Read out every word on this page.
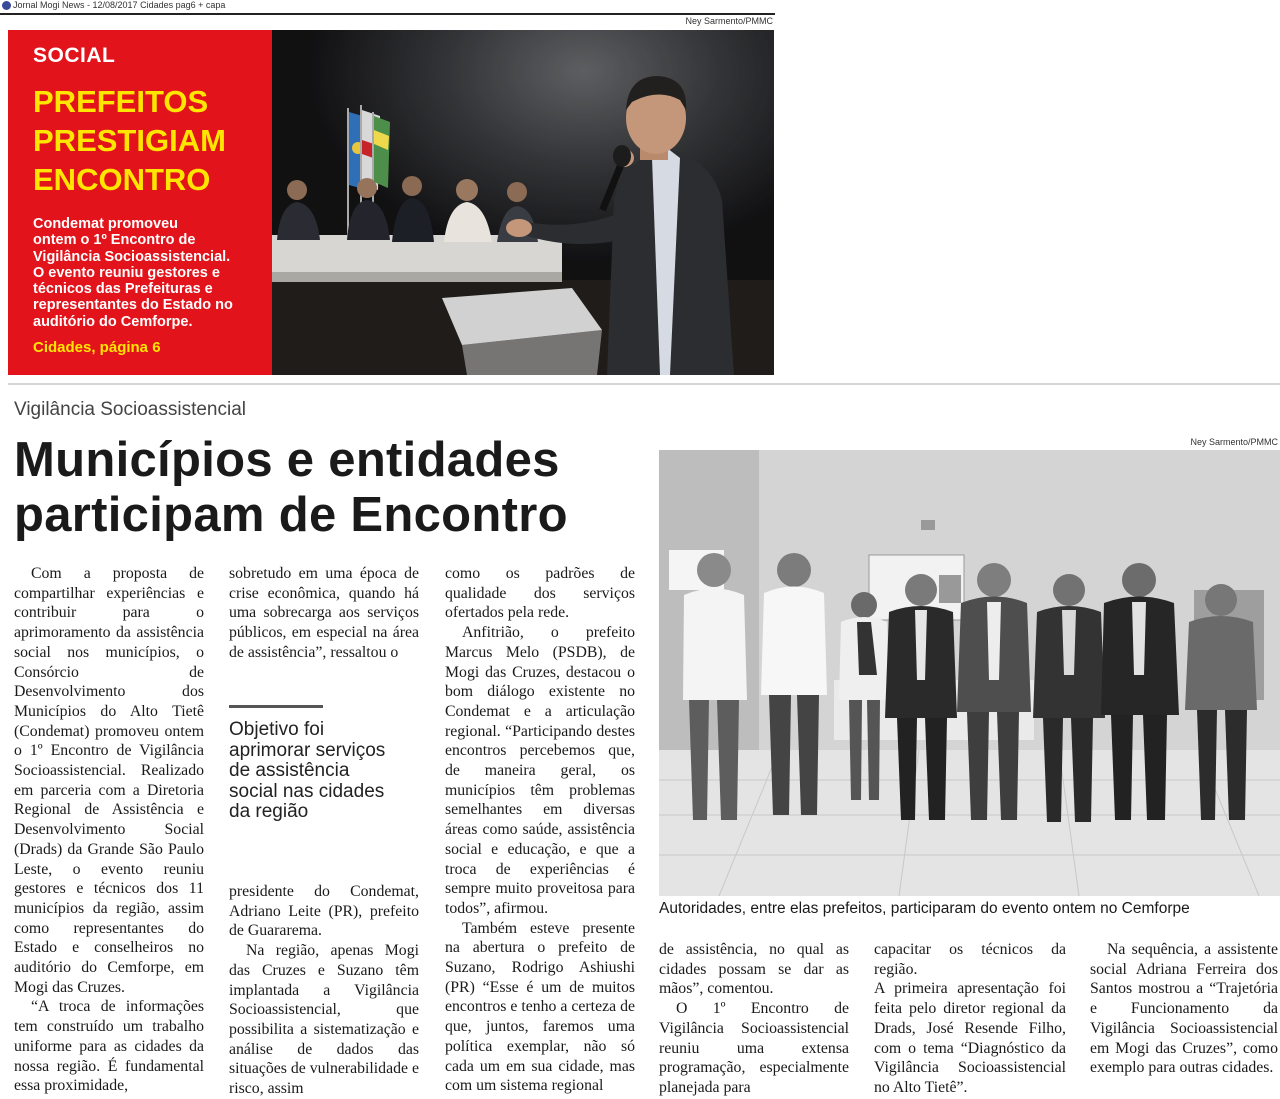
Jornal Mogi News - 12/08/2017 Cidades pag6 + capa
Ney Sarmento/PMMC
SOCIAL
PREFEITOS
PRESTIGIAM
ENCONTRO
Condemat promoveu
ontem o 1º Encontro de
Vigilância Socioassistencial.
O evento reuniu gestores e
técnicos das Prefeituras e
representantes do Estado no
auditório do Cemforpe.
Cidades, página 6
Vigilância Socioassistencial
Municípios e entidades
participam de Encontro
Ney Sarmento/PMMC
Autoridades, entre elas prefeitos, participaram do evento ontem no Cemforpe

Com a proposta de compartilhar experiências e contribuir para o aprimoramento da assistência social nos municípios, o Consórcio de Desenvolvimento dos Municípios do Alto Tietê (Condemat) promoveu ontem o 1º Encontro de Vigilância Socioassistencial. Realizado em parceria com a Diretoria Regional de Assistência e Desenvolvimento Social (Drads) da Grande São Paulo Leste, o evento reuniu gestores e técnicos dos 11 municípios da região, assim como representantes do Estado e conselheiros no auditório do Cemforpe, em Mogi das Cruzes.

“A troca de informações tem construído um trabalho uniforme para as cidades da nossa região. É fundamental essa proximidade,

sobretudo em uma época de crise econômica, quando há uma sobrecarga aos serviços públicos, em especial na área de assistência”, ressaltou o

Objetivo foi
aprimorar serviços
de assistência
social nas cidades
da região

presidente do Condemat, Adriano Leite (PR), prefeito de Guararema.

Na região, apenas Mogi das Cruzes e Suzano têm implantada a Vigilância Socioassistencial, que possibilita a sistematização e análise de dados das situações de vulnerabilidade e risco, assim

como os padrões de qualidade dos serviços ofertados pela rede.

Anfitrião, o prefeito Marcus Melo (PSDB), de Mogi das Cruzes, destacou o bom diálogo existente no Condemat e a articulação regional. “Participando destes encontros percebemos que, de maneira geral, os municípios têm problemas semelhantes em diversas áreas como saúde, assistência social e educação, e que a troca de experiências é sempre muito proveitosa para todos”, afirmou.

Também esteve presente na abertura o prefeito de Suzano, Rodrigo Ashiushi (PR) “Esse é um de muitos encontros e tenho a certeza de que, juntos, faremos uma política exemplar, não só cada um em sua cidade, mas com um sistema regional

de assistência, no qual as cidades possam se dar as mãos”, comentou.

O 1º Encontro de Vigilância Socioassistencial reuniu uma extensa programação, especialmente planejada para

capacitar os técnicos da região.

A primeira apresentação foi feita pelo diretor regional da Drads, José Resende Filho, com o tema “Diagnóstico da Vigilância Socioassistencial no Alto Tietê”.

Na sequência, a assistente social Adriana Ferreira dos Santos mostrou a “Trajetória e Funcionamento da Vigilância Socioassistencial em Mogi das Cruzes”, como exemplo para outras cidades.
